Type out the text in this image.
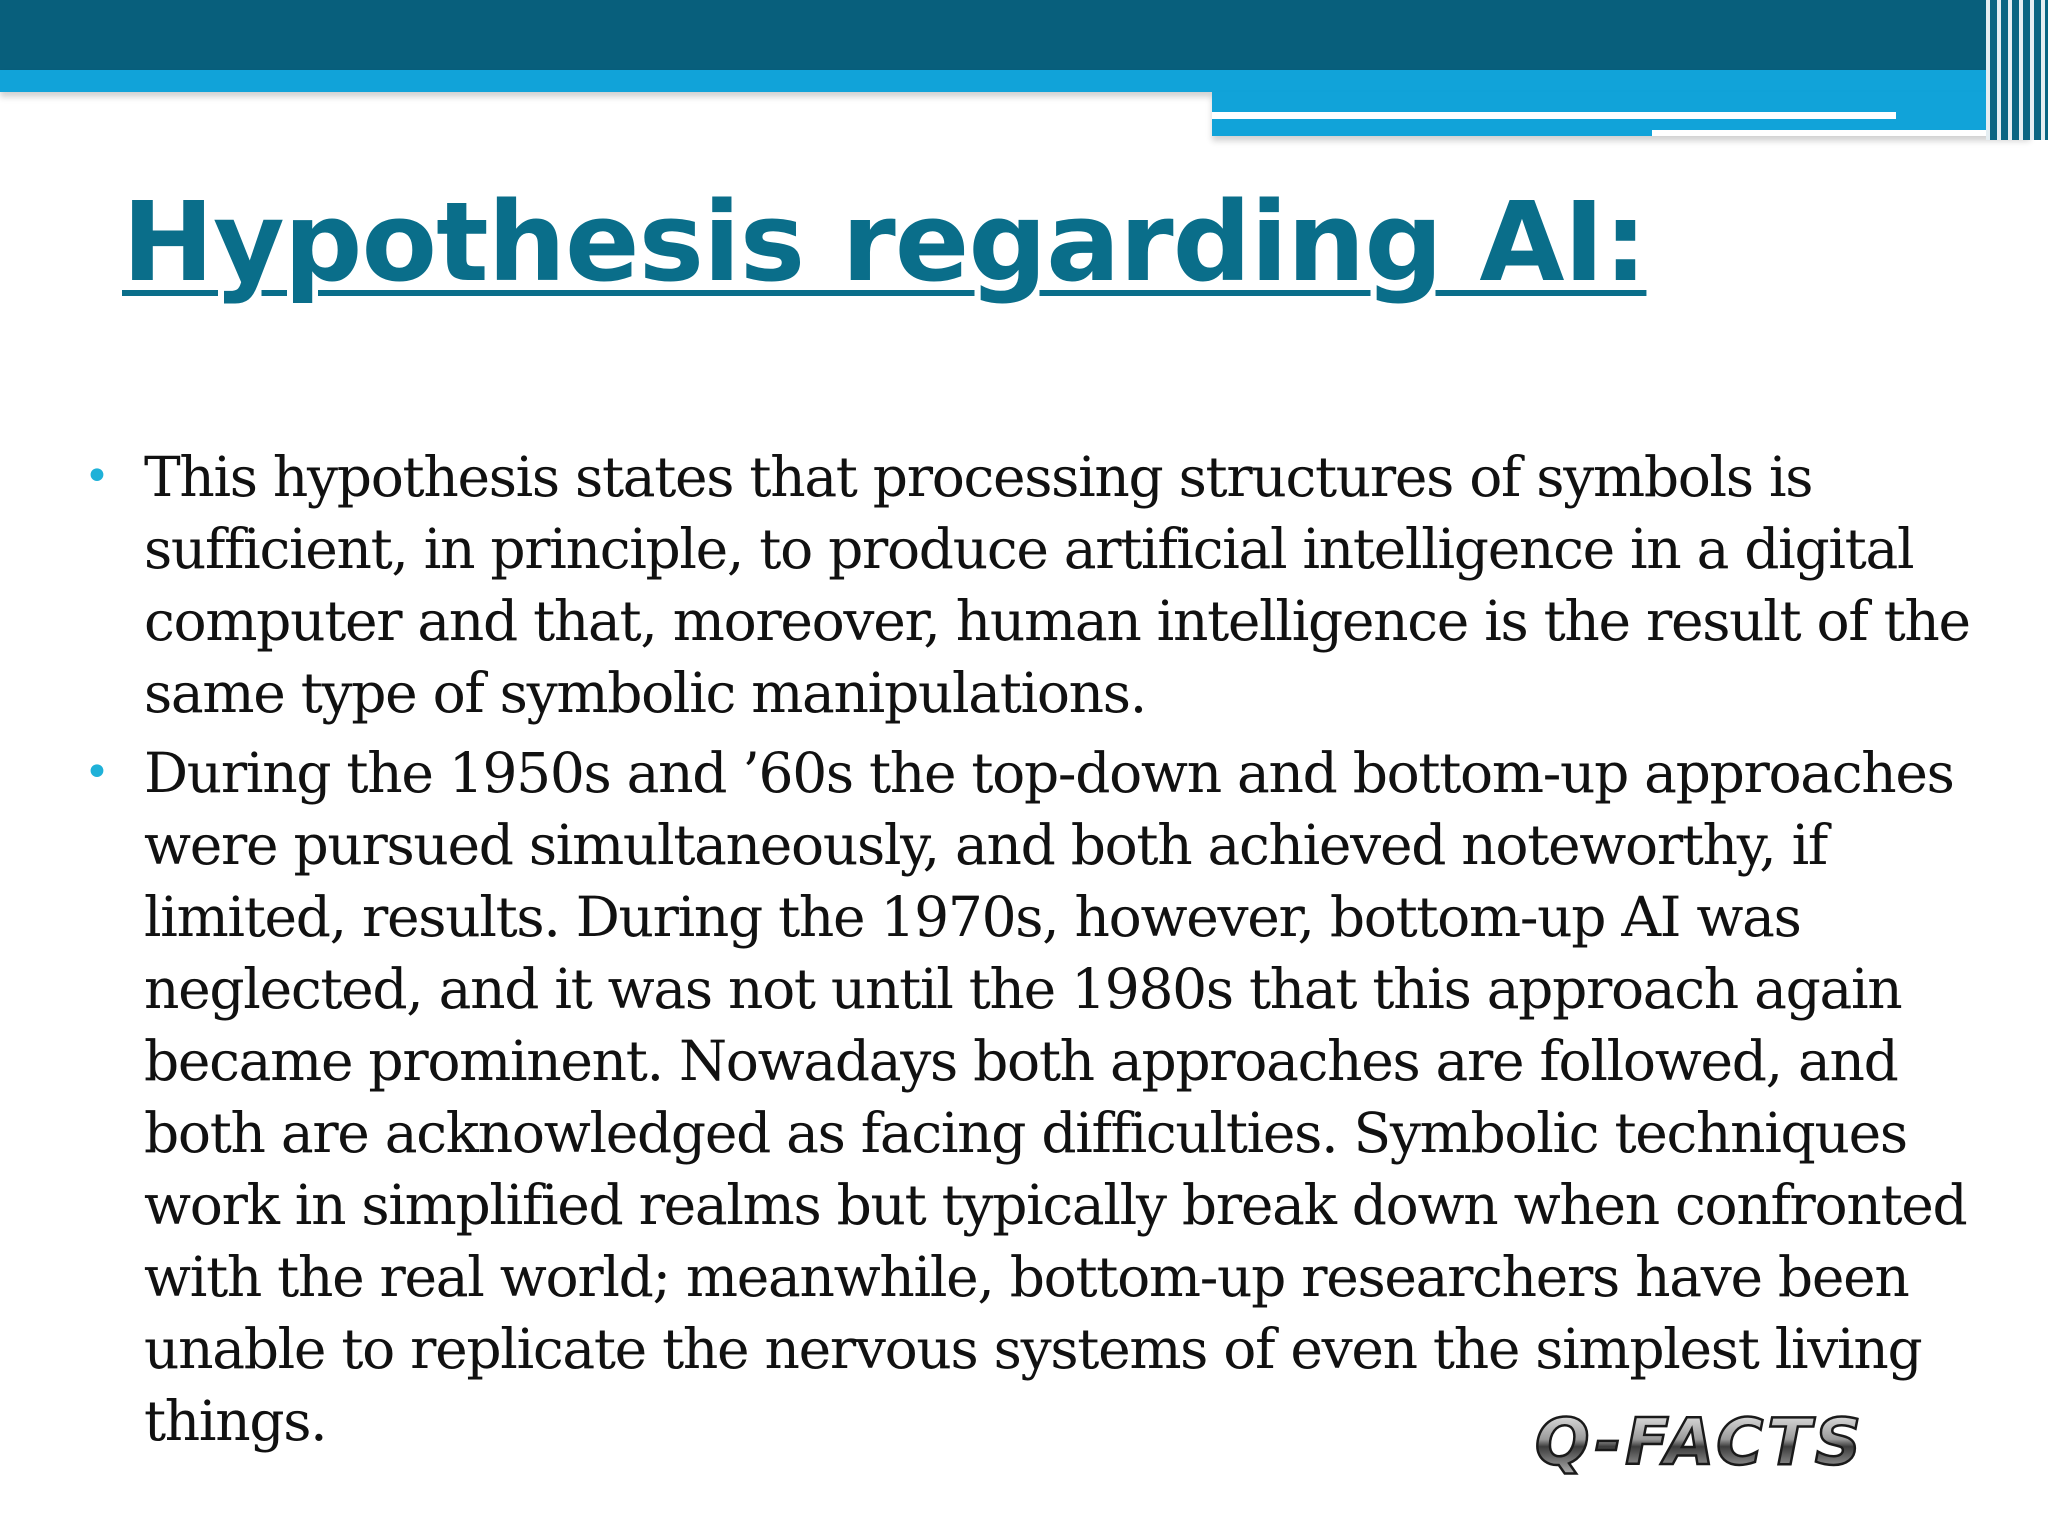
Hypothesis regarding AI:
• This hypothesis states that processing structures of symbols is sufficient, in principle, to produce artificial intelligence in a digital computer and that, moreover, human intelligence is the result of the same type of symbolic manipulations.
• During the 1950s and ’60s the top-down and bottom-up approaches were pursued simultaneously, and both achieved noteworthy, if limited, results. During the 1970s, however, bottom-up AI was neglected, and it was not until the 1980s that this approach again became prominent. Nowadays both approaches are followed, and both are acknowledged as facing difficulties. Symbolic techniques work in simplified realms but typically break down when confronted with the real world; meanwhile, bottom-up researchers have been unable to replicate the nervous systems of even the simplest living things.	Q-FACTS
